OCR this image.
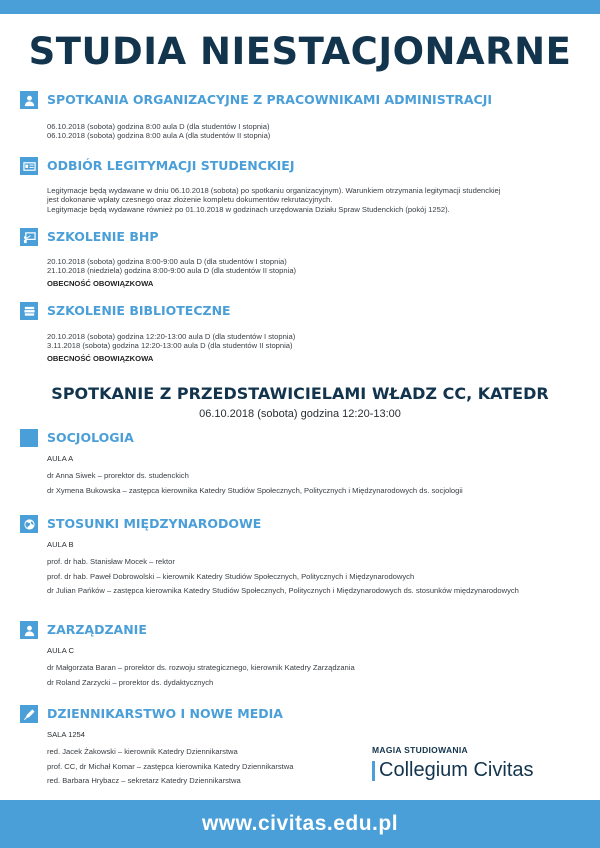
STUDIA NIESTACJONARNE
SPOTKANIA ORGANIZACYJNE Z PRACOWNIKAMI ADMINISTRACJI
06.10.2018 (sobota) godzina 8:00 aula D (dla studentów I stopnia)
06.10.2018 (sobota) godzina 8:00 aula A (dla studentów II stopnia)
ODBIÓR LEGITYMACJI STUDENCKIEJ
Legitymacje będą wydawane w dniu 06.10.2018 (sobota) po spotkaniu organizacyjnym). Warunkiem otrzymania legitymacji studenckiej
jest dokonanie wpłaty czesnego oraz złożenie kompletu dokumentów rekrutacyjnych.
Legitymacje będą wydawane również po 01.10.2018 w godzinach urzędowania Działu Spraw Studenckich (pokój 1252).
SZKOLENIE BHP
20.10.2018 (sobota) godzina 8:00-9:00 aula D (dla studentów I stopnia)
21.10.2018 (niedziela) godzina 8:00-9:00 aula D (dla studentów II stopnia)
OBECNOŚĆ OBOWIĄZKOWA
SZKOLENIE BIBLIOTECZNE
20.10.2018 (sobota) godzina 12:20-13:00 aula D (dla studentów I stopnia)
3.11.2018 (sobota) godzina 12:20-13:00 aula D (dla studentów II stopnia)
OBECNOŚĆ OBOWIĄZKOWA
SPOTKANIE Z PRZEDSTAWICIELAMI WŁADZ CC, KATEDR
06.10.2018 (sobota) godzina 12:20-13:00
SOCJOLOGIA
AULA A
dr Anna Siwek – prorektor ds. studenckich
dr Xymena Bukowska – zastępca kierownika Katedry Studiów Społecznych, Politycznych i Międzynarodowych ds. socjologii
STOSUNKI MIĘDZYNARODOWE
AULA B
prof. dr hab. Stanisław Mocek – rektor
prof. dr hab. Paweł Dobrowolski – kierownik Katedry Studiów Społecznych, Politycznych i Międzynarodowych
dr Julian Pańków – zastępca kierownika Katedry Studiów Społecznych, Politycznych i Międzynarodowych ds. stosunków międzynarodowych
ZARZĄDZANIE
AULA C
dr Małgorzata Baran – prorektor ds. rozwoju strategicznego, kierownik Katedry Zarządzania
dr Roland Zarzycki – prorektor ds. dydaktycznych
DZIENNIKARSTWO I NOWE MEDIA
SALA 1254
red. Jacek Żakowski – kierownik Katedry Dziennikarstwa
prof. CC, dr Michał Komar – zastępca kierownika Katedry Dziennikarstwa
red. Barbara Hrybacz – sekretarz Katedry Dziennikarstwa
MAGIA STUDIOWANIA
Collegium Civitas
www.civitas.edu.pl
